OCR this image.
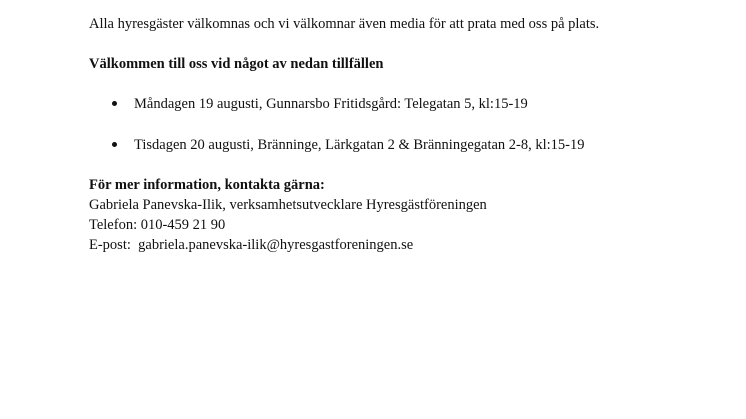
Alla hyresgäster välkomnas och vi välkomnar även media för att prata med oss på plats.
Välkommen till oss vid något av nedan tillfällen
Måndagen 19 augusti, Gunnarsbo Fritidsgård: Telegatan 5, kl:15-19
Tisdagen 20 augusti, Bränninge, Lärkgatan 2 & Bränningegatan 2-8, kl:15-19
För mer information, kontakta gärna:
Gabriela Panevska-Ilik, verksamhetsutvecklare Hyresgästföreningen
Telefon: 010-459 21 90
E-post:  gabriela.panevska-ilik@hyresgastforeningen.se
